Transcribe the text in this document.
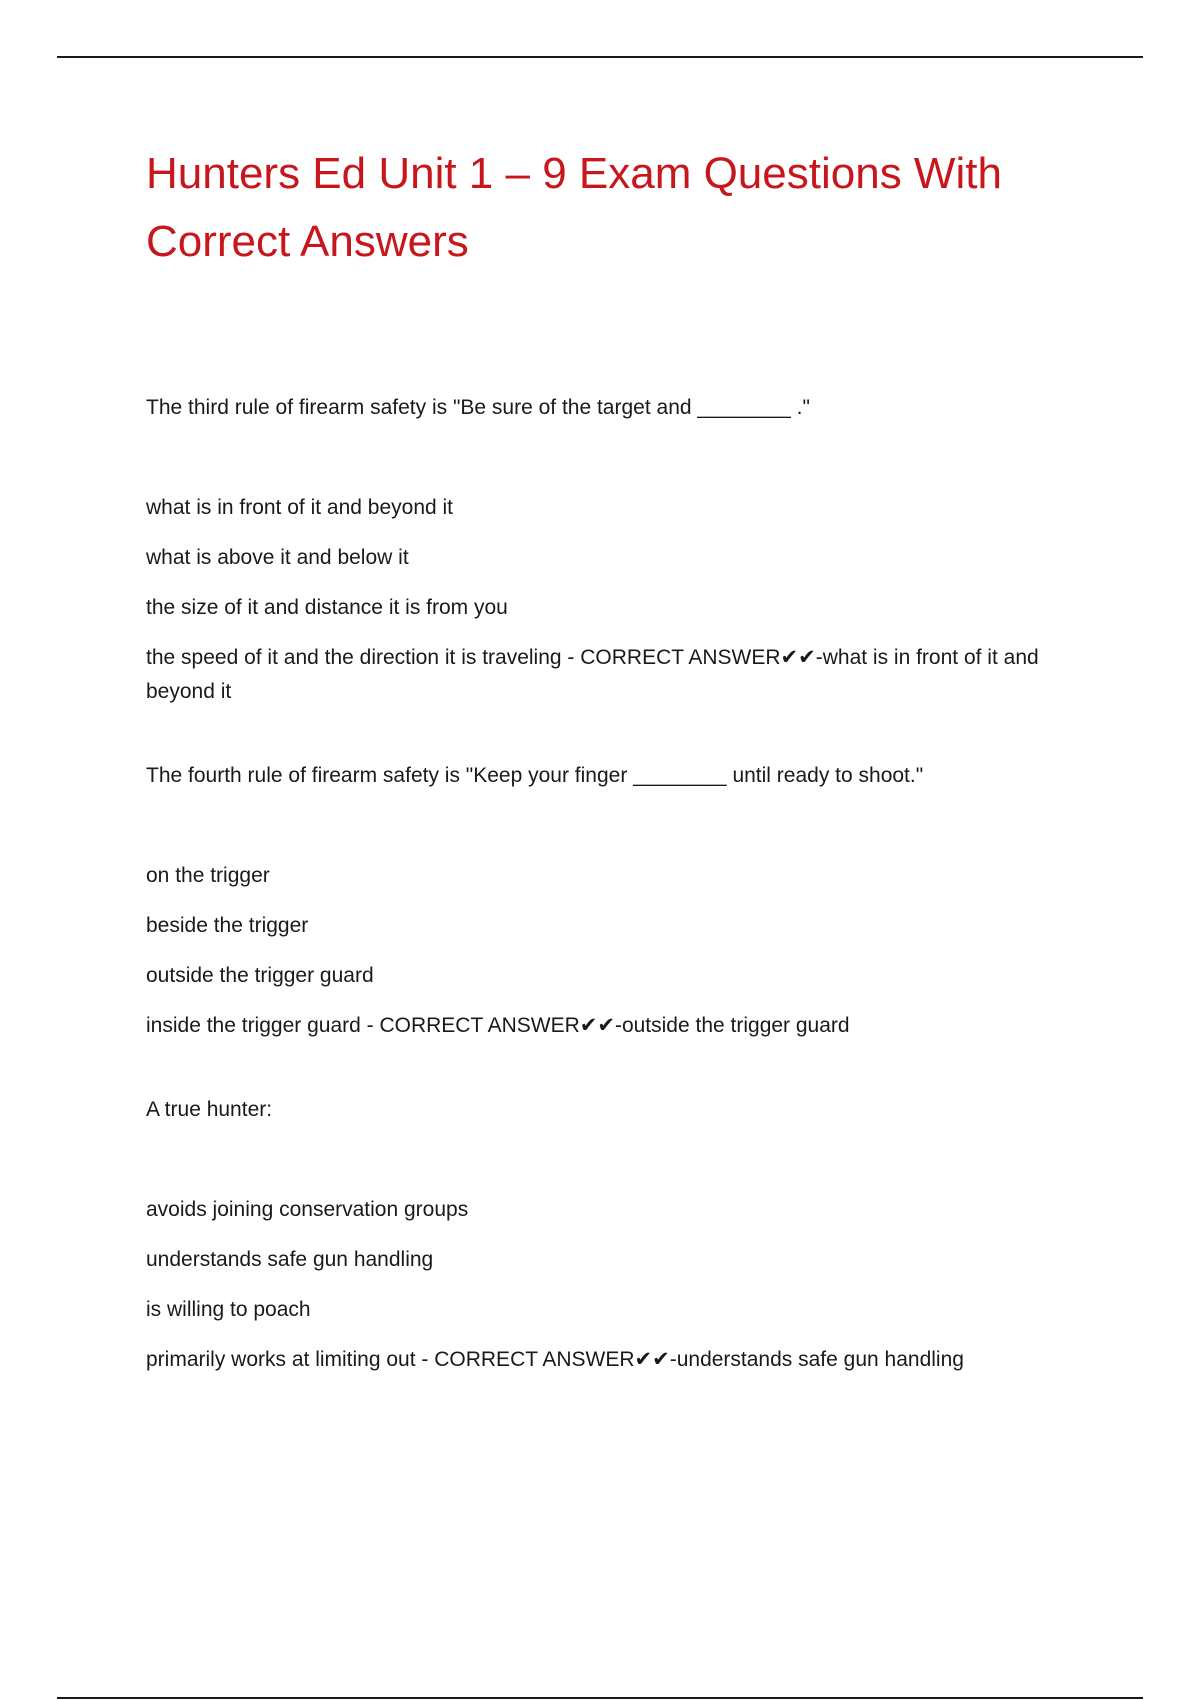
Hunters Ed Unit 1 – 9 Exam Questions With Correct Answers

The third rule of firearm safety is "Be sure of the target and ________ ."

what is in front of it and beyond it

what is above it and below it

the size of it and distance it is from you

the speed of it and the direction it is traveling - CORRECT ANSWER✔✔-what is in front of it and beyond it

The fourth rule of firearm safety is "Keep your finger ________ until ready to shoot."

on the trigger

beside the trigger

outside the trigger guard

inside the trigger guard - CORRECT ANSWER✔✔-outside the trigger guard

A true hunter:

avoids joining conservation groups

understands safe gun handling

is willing to poach

primarily works at limiting out - CORRECT ANSWER✔✔-understands safe gun handling
